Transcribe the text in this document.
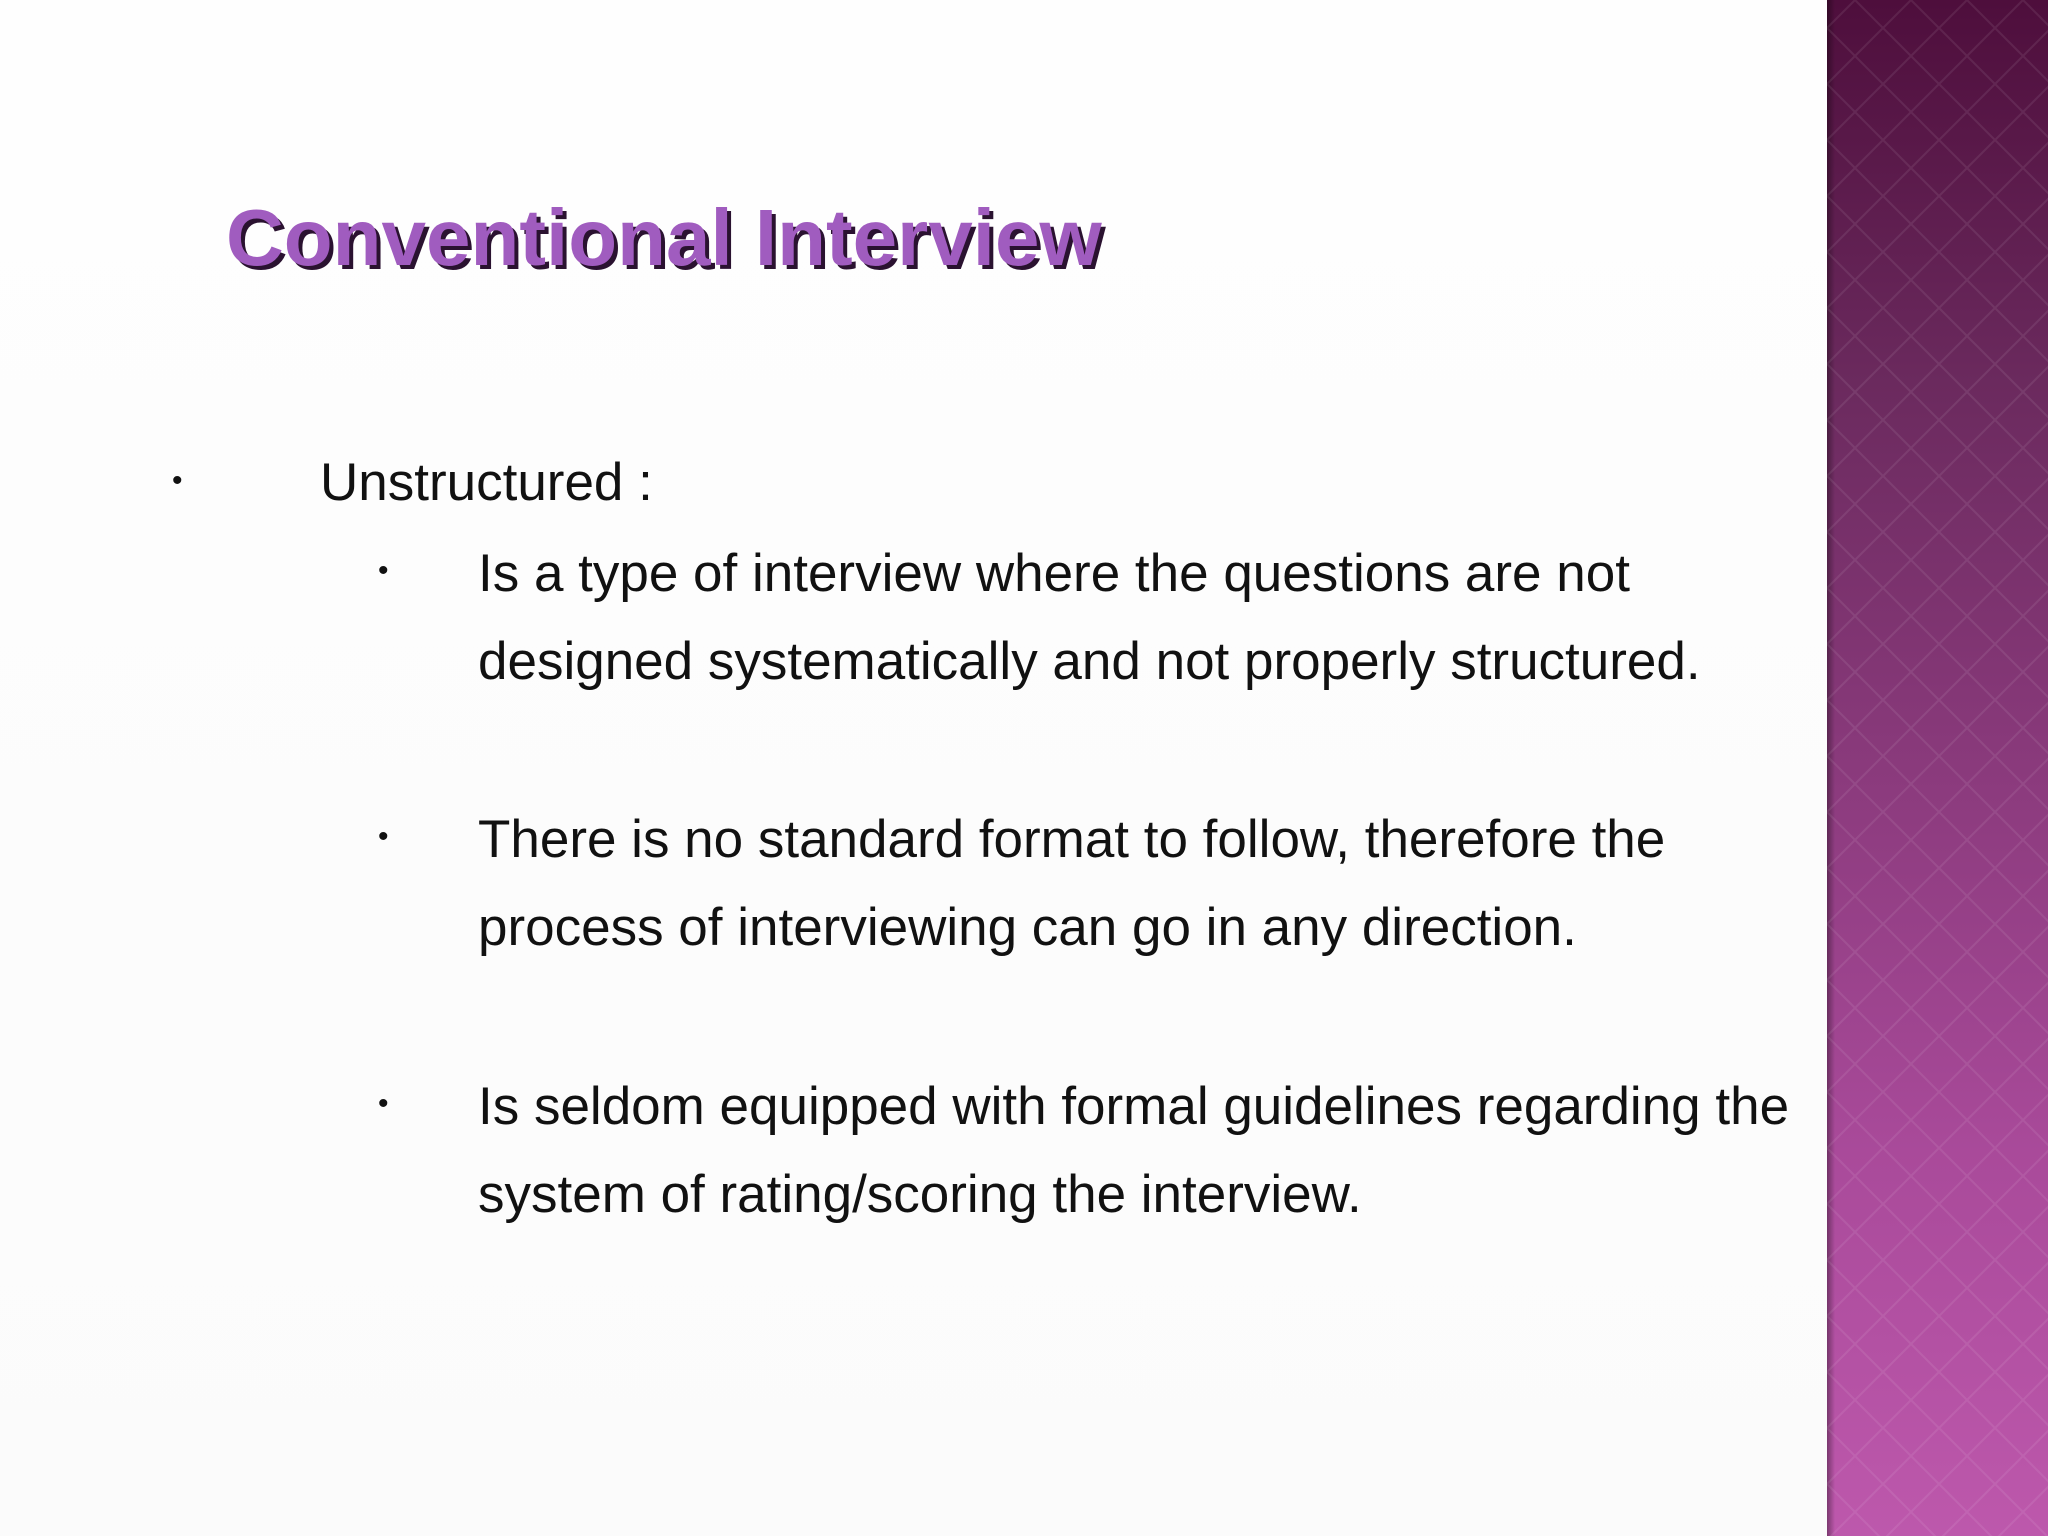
Conventional Interview
•	Unstructured :

• Is a type of interview where the questions are not designed systematically and not properly structured.

• There is no standard format to follow, therefore the process of interviewing can go in any direction.

• Is seldom equipped with formal guidelines regarding the system of rating/scoring the interview.
